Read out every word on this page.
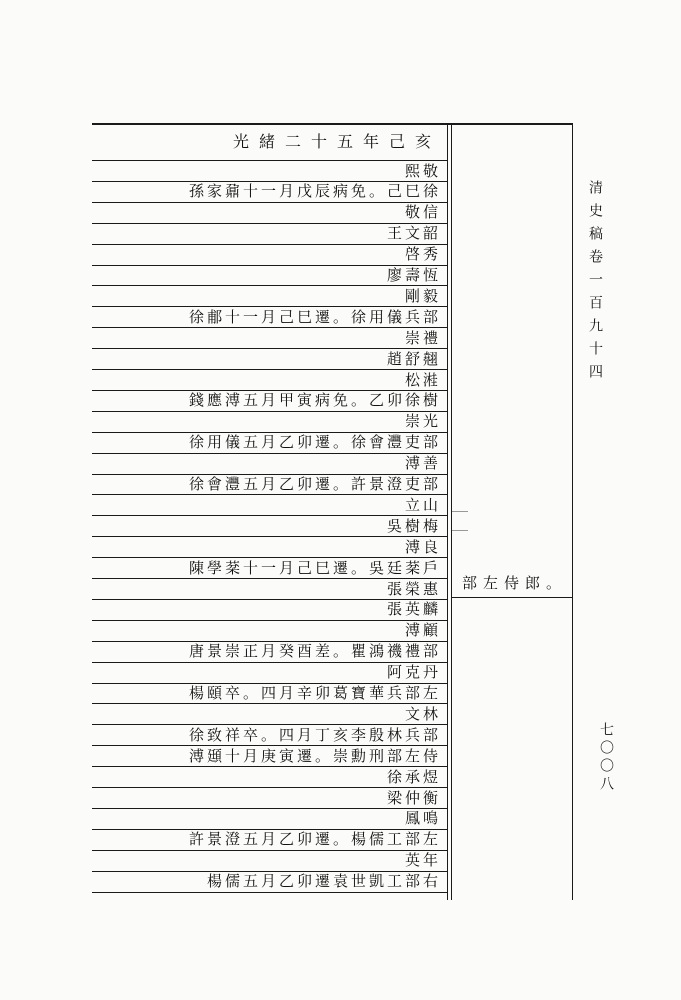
光緒二十五年己亥
熙敬
孫家鼐十一月戊辰病免。己巳徐
敬信
王文韶
啓秀
廖壽恆
剛毅
徐郙十一月己巳遷。徐用儀兵部
崇禮
趙舒翹
松溎
錢應溥五月甲寅病免。乙卯徐樹
崇光
徐用儀五月乙卯遷。徐會灃吏部
溥善
徐會灃五月乙卯遷。許景澄吏部
立山
吳樹梅
溥良
陳學棻十一月己巳遷。吳廷棻戶
張榮惠
張英麟
溥顧
唐景崇正月癸酉差。瞿鴻禨禮部
阿克丹
楊頤卒。四月辛卯葛寶華兵部左
文林
徐致祥卒。四月丁亥李殷林兵部
溥頲十月庚寅遷。崇勳刑部左侍
徐承煜
梁仲衡
鳳鳴
許景澄五月乙卯遷。楊儒工部左
英年
楊儒五月乙卯遷袁世凱工部右
部左侍郎。
清史稿卷一百九十四
七〇〇八
